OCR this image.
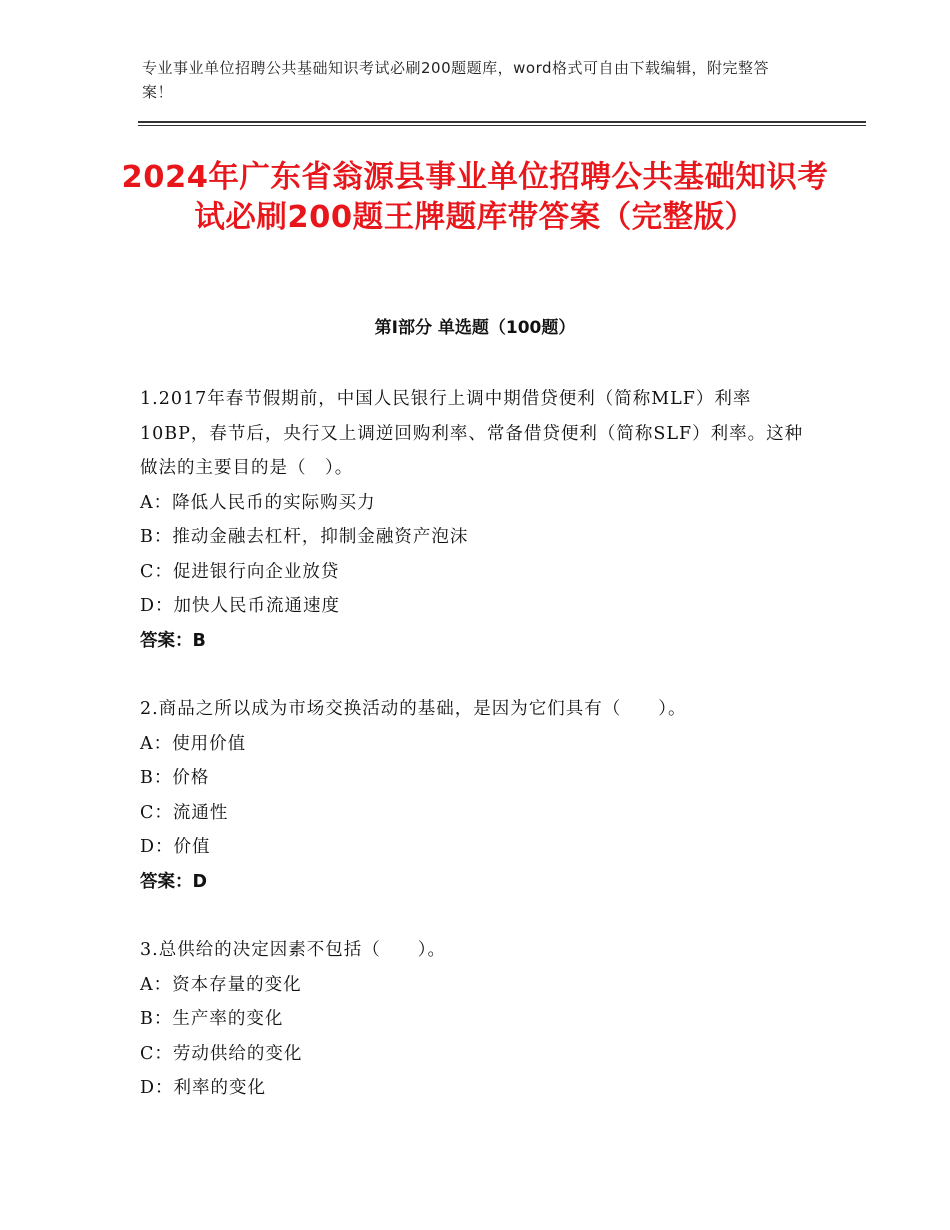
专业事业单位招聘公共基础知识考试必刷200题题库，word格式可自由下载编辑，附完整答案！
2024年广东省翁源县事业单位招聘公共基础知识考试必刷200题王牌题库带答案（完整版）
第Ⅰ部分 单选题（100题）
1.2017年春节假期前，中国人民银行上调中期借贷便利（简称MLF）利率10BP，春节后，央行又上调逆回购利率、常备借贷便利（简称SLF）利率。这种做法的主要目的是（　）。
A：降低人民币的实际购买力
B：推动金融去杠杆，抑制金融资产泡沫
C：促进银行向企业放贷
D：加快人民币流通速度
答案：B
2.商品之所以成为市场交换活动的基础，是因为它们具有（　　）。
A：使用价值
B：价格
C：流通性
D：价值
答案：D
3.总供给的决定因素不包括（　　）。
A：资本存量的变化
B：生产率的变化
C：劳动供给的变化
D：利率的变化
